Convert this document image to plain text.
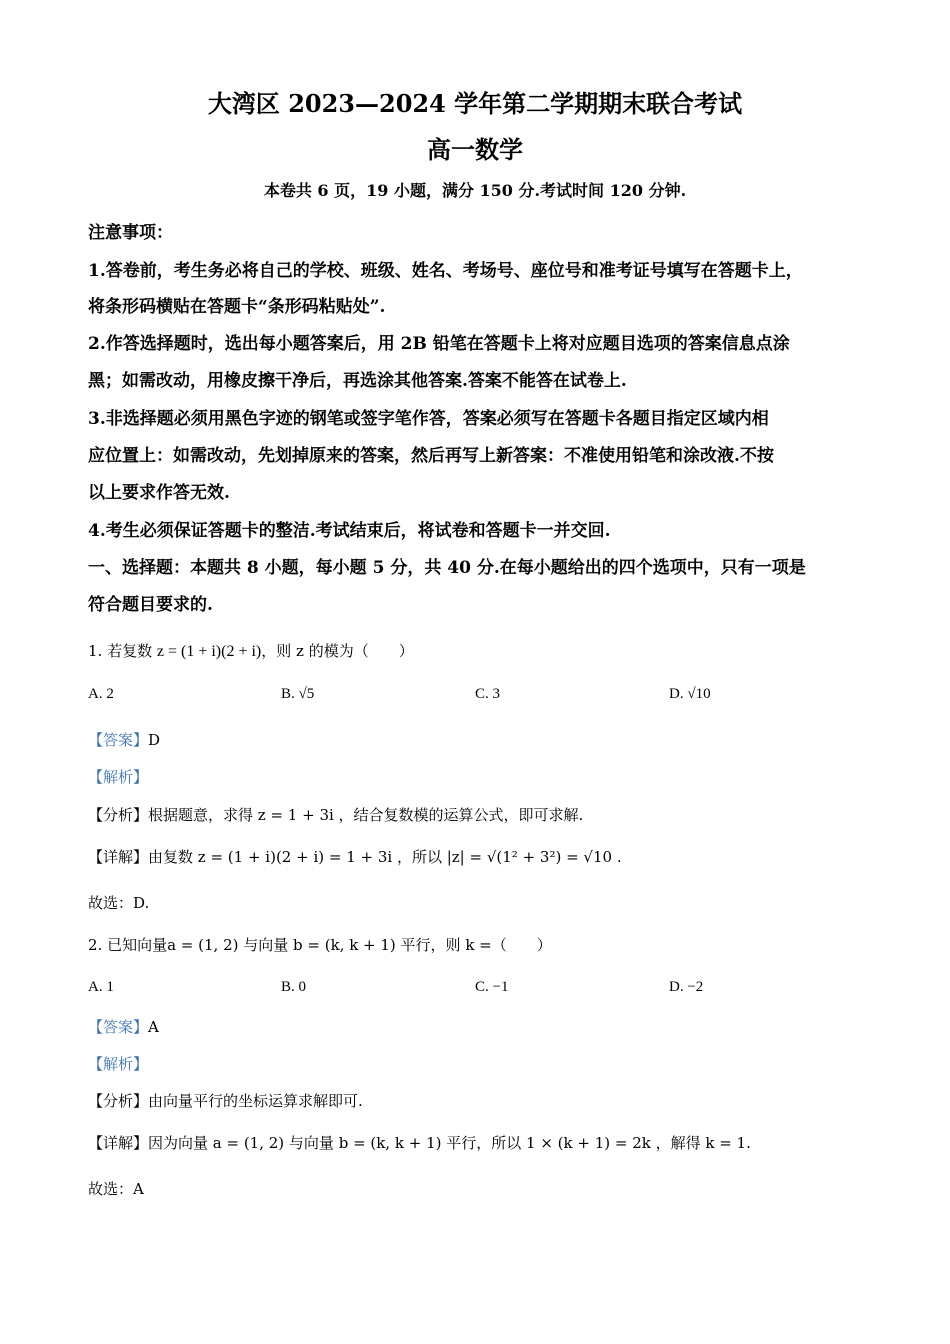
大湾区 2023—2024 学年第二学期期末联合考试
高一数学
本卷共 6 页，19 小题，满分 150 分.考试时间 120 分钟.
注意事项：
1.答卷前，考生务必将自己的学校、班级、姓名、考场号、座位号和准考证号填写在答题卡上，
将条形码横贴在答题卡“条形码粘贴处”.
2.作答选择题时，选出每小题答案后，用 2B 铅笔在答题卡上将对应题目选项的答案信息点涂
黑；如需改动，用橡皮擦干净后，再选涂其他答案.答案不能答在试卷上.
3.非选择题必须用黑色字迹的钢笔或签字笔作答，答案必须写在答题卡各题目指定区域内相
应位置上：如需改动，先划掉原来的答案，然后再写上新答案：不准使用铅笔和涂改液.不按
以上要求作答无效.
4.考生必须保证答题卡的整洁.考试结束后，将试卷和答题卡一并交回.
一、选择题：本题共 8 小题，每小题 5 分，共 40 分.在每小题给出的四个选项中，只有一项是
符合题目要求的.
1. 若复数 z = (1 + i)(2 + i)，则 z 的模为（　　）
A. 2	B. √5	C. 3	D. √10
【答案】D
【解析】
【分析】根据题意，求得 z = 1 + 3i ，结合复数模的运算公式，即可求解.
【详解】由复数 z = (1 + i)(2 + i) = 1 + 3i ，所以 |z| = √(1² + 3²) = √10 .
故选：D.
2. 已知向量a = (1, 2) 与向量 b = (k, k + 1) 平行，则 k =（　　）
A. 1	B. 0	C. −1	D. −2
【答案】A
【解析】
【分析】由向量平行的坐标运算求解即可.
【详解】因为向量 a = (1, 2) 与向量 b = (k, k + 1) 平行，所以 1 × (k + 1) = 2k ，解得 k = 1.
故选：A
